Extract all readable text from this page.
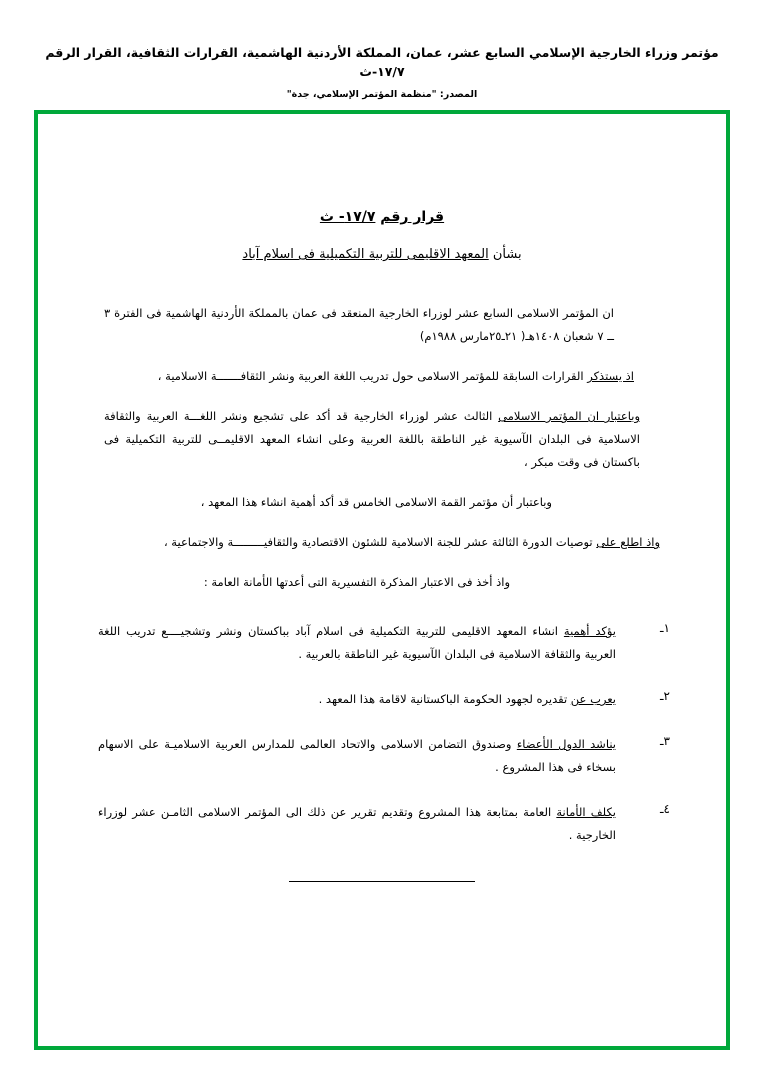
مؤتمر وزراء الخارجية الإسلامي السابع عشر، عمان، المملكة الأردنية الهاشمية، القرارات الثقافية، القرار الرقم ١٧/٧-ث
المصدر: "منظمة المؤتمر الإسلامي، جدة"
قرار رقم ١٧/٧- ث
بشأن المعهد الاقليمى للتربية التكميلية فى اسلام آباد
ان المؤتمر الاسلامى السابع عشر لوزراء الخارجية المنعقد فى عمان بالمملكة الأردنية الهاشمية فى الفترة ٣ ــ ٧ شعبان ١٤٠٨هـ( ٢١ـ٢٥مارس ١٩٨٨م)
اذ يستذكر القرارات السابقة للمؤتمر الاسلامى حول تدريب اللغة العربية ونشر الثقافـــــــة الاسلامية ،
وباعتبار ان المؤتمر الاسلامى الثالث عشر لوزراء الخارجية قد أكد على تشجيع ونشر اللغـــة العربية والثقافة الاسلامية فى البلدان الآسيوية غير الناطقة باللغة العربية وعلى انشاء المعهد الاقليمــى للتربية التكميلية فى باكستان فى وقت مبكر ،
وباعتبار أن مؤتمر القمة الاسلامى الخامس قد أكد أهمية انشاء هذا المعهد ،
واذ اطلع على توصيات الدورة الثالثة عشر للجنة الاسلامية للشئون الاقتصادية والثقافيـــــــــة والاجتماعية ،
واذ أخذ فى الاعتبار المذكرة التفسيرية التى أعدتها الأمانة العامة :
١ـ
يؤكد أهمية انشاء المعهد الاقليمى للتربية التكميلية فى اسلام آباد بباكستان ونشر وتشجيــــع تدريب اللغة العربية والثقافة الاسلامية فى البلدان الآسيوية غير الناطقة بالعربية .
٢ـ
يعرب عن تقديره لجهود الحكومة الباكستانية لاقامة هذا المعهد .
٣ـ
يناشد الدول الأعضاء وصندوق التضامن الاسلامى والاتحاد العالمى للمدارس العربية الاسلاميـة على الاسهام بسخاء فى هذا المشروع .
٤ـ
يكلف الأمانة العامة بمتابعة هذا المشروع وتقديم تقرير عن ذلك الى المؤتمر الاسلامى الثامـن عشر لوزراء الخارجية .
